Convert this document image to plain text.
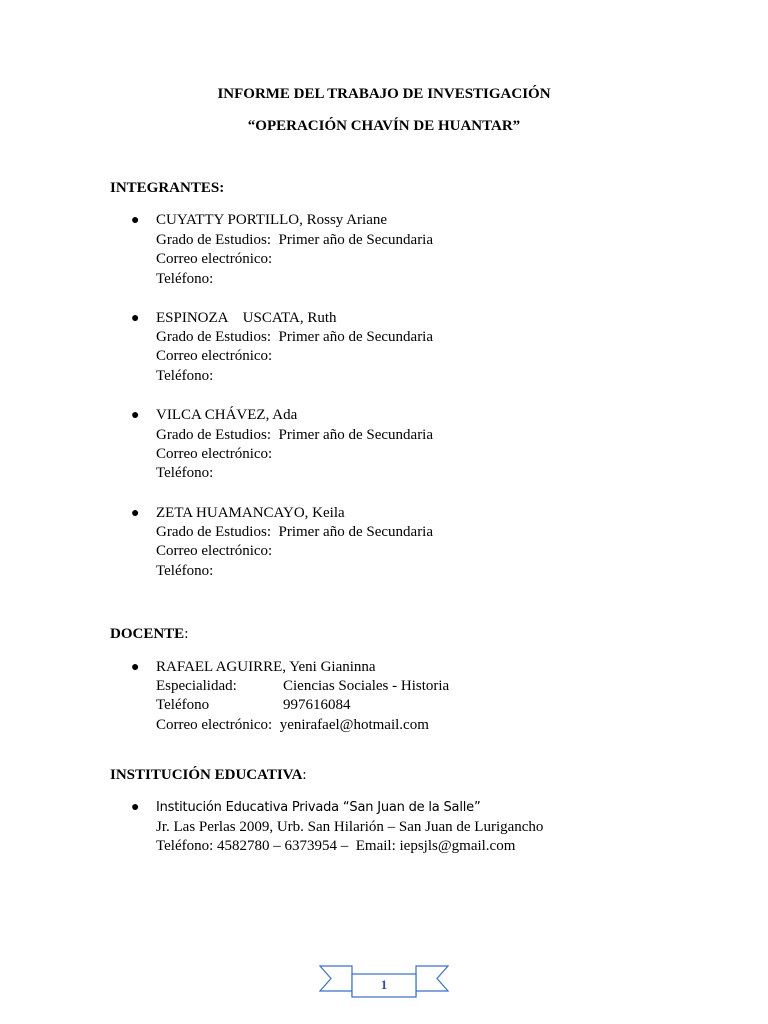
INFORME DEL TRABAJO DE INVESTIGACIÓN
“OPERACIÓN CHAVÍN DE HUANTAR”
INTEGRANTES:
● CUYATTY PORTILLO, Rossy Ariane
Grado de Estudios: Primer año de Secundaria
Correo electrónico:
Teléfono:
● ESPINOZA    USCATA, Ruth
Grado de Estudios: Primer año de Secundaria
Correo electrónico:
Teléfono:
● VILCA CHÁVEZ, Ada
Grado de Estudios: Primer año de Secundaria
Correo electrónico:
Teléfono:
● ZETA HUAMANCAYO, Keila
Grado de Estudios: Primer año de Secundaria
Correo electrónico:
Teléfono:
DOCENTE:
● RAFAEL AGUIRRE, Yeni Gianinna
Especialidad:	Ciencias Sociales - Historia
Teléfono	997616084
Correo electrónico: yenirafael@hotmail.com
INSTITUCIÓN EDUCATIVA:
● Institución Educativa Privada “San Juan de la Salle”
Jr. Las Perlas 2009, Urb. San Hilarión – San Juan de Lurigancho
Teléfono: 4582780 – 6373954 –  Email: iepsjls@gmail.com
1
